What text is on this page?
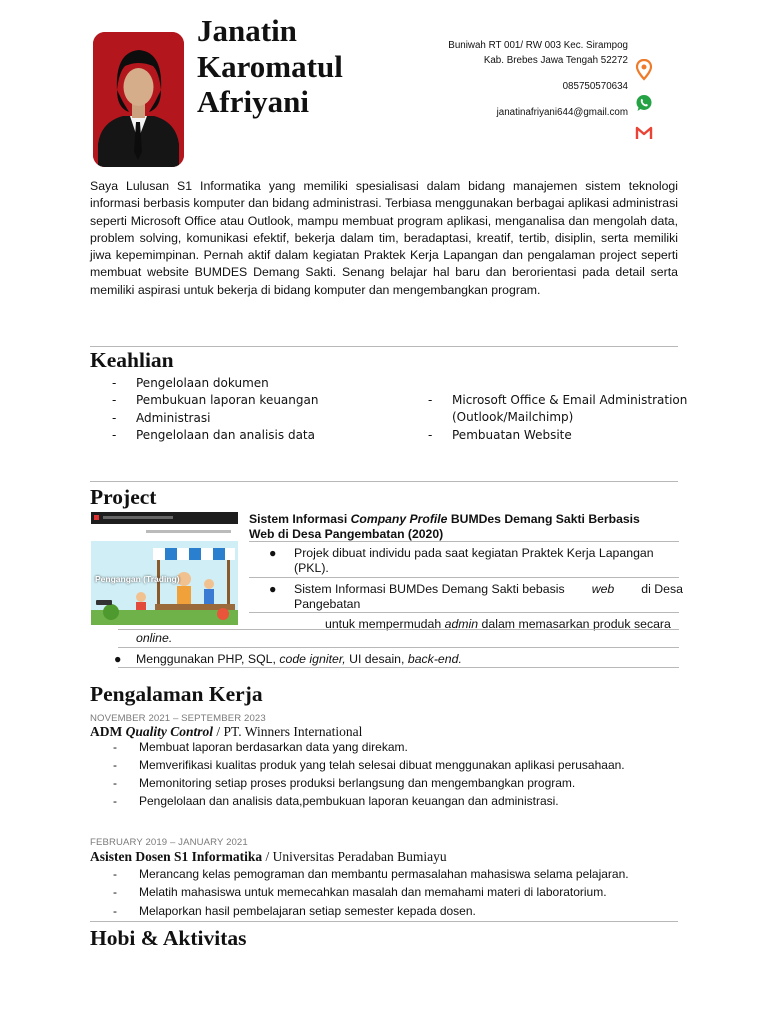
Janatin
Karomatul
Afriyani
Buniwah RT 001/ RW 003 Kec. Sirampog
Kab. Brebes Jawa Tengah 52272
085750570634
janatinafriyani644@gmail.com
Saya Lulusan S1 Informatika yang memiliki spesialisasi dalam bidang manajemen sistem teknologi informasi berbasis komputer dan bidang administrasi. Terbiasa menggunakan berbagai aplikasi administrasi seperti Microsoft Office atau Outlook, mampu membuat program aplikasi, menganalisa dan mengolah data, problem solving, komunikasi efektif, bekerja dalam tim, beradaptasi, kreatif, tertib, disiplin, serta memiliki jiwa kepemimpinan. Pernah aktif dalam kegiatan Praktek Kerja Lapangan dan pengalaman project seperti membuat website BUMDES Demang Sakti. Senang belajar hal baru dan berorientasi pada detail serta memiliki aspirasi untuk bekerja di bidang komputer dan mengembangkan program.
Keahlian
- Pengelolaan dokumen
- Pembukuan laporan keuangan
- Administrasi
- Pengelolaan dan analisis data
- Microsoft Office & Email Administration
(Outlook/Mailchimp)
- Pembuatan Website
Project
Pengangan (Trading)
Sistem Informasi Company Profile BUMDes Demang Sakti Berbasis
Web di Desa Pangembatan (2020)
● Projek dibuat individu pada saat kegiatan Praktek Kerja Lapangan
(PKL).
● Sistem Informasi BUMDes Demang Sakti bebasis web di Desa
Pangebatan
untuk mempermudah admin dalam memasarkan produk secara
online.
● Menggunakan PHP, SQL, code igniter, UI desain, back-end.
Pengalaman Kerja
NOVEMBER 2021 – SEPTEMBER 2023
ADM Quality Control / PT. Winners International
- Membuat laporan berdasarkan data yang direkam.
- Memverifikasi kualitas produk yang telah selesai dibuat menggunakan aplikasi perusahaan.
- Memonitoring setiap proses produksi berlangsung dan mengembangkan program.
- Pengelolaan dan analisis data,pembukuan laporan keuangan dan administrasi.
FEBRUARY 2019 – JANUARY 2021
Asisten Dosen S1 Informatika / Universitas Peradaban Bumiayu
- Merancang kelas pemograman dan membantu permasalahan mahasiswa selama pelajaran.
- Melatih mahasiswa untuk memecahkan masalah dan memahami materi di laboratorium.
- Melaporkan hasil pembelajaran setiap semester kepada dosen.
Hobi & Aktivitas
